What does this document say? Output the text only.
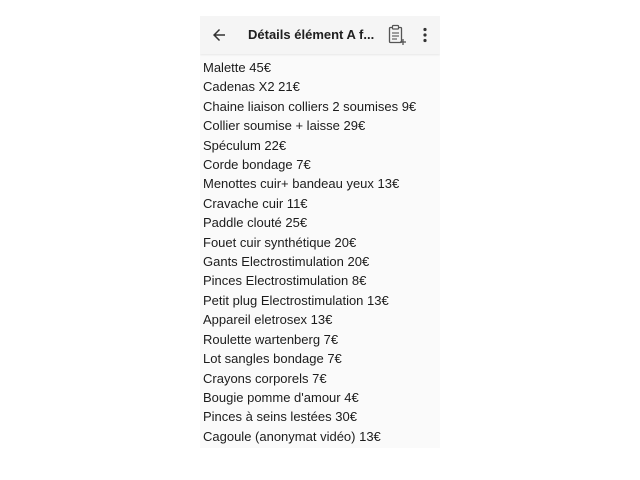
Détails élément A f...
Malette 45€
Cadenas X2 21€
Chaine liaison colliers 2 soumises 9€
Collier soumise + laisse 29€
Spéculum 22€
Corde bondage 7€
Menottes cuir+ bandeau yeux 13€
Cravache cuir 11€
Paddle clouté 25€
Fouet cuir synthétique 20€
Gants Electrostimulation 20€
Pinces Electrostimulation 8€
Petit plug Electrostimulation 13€
Appareil eletrosex 13€
Roulette wartenberg 7€
Lot sangles bondage 7€
Crayons corporels 7€
Bougie pomme d'amour 4€
Pinces à seins lestées 30€
Cagoule (anonymat vidéo) 13€
